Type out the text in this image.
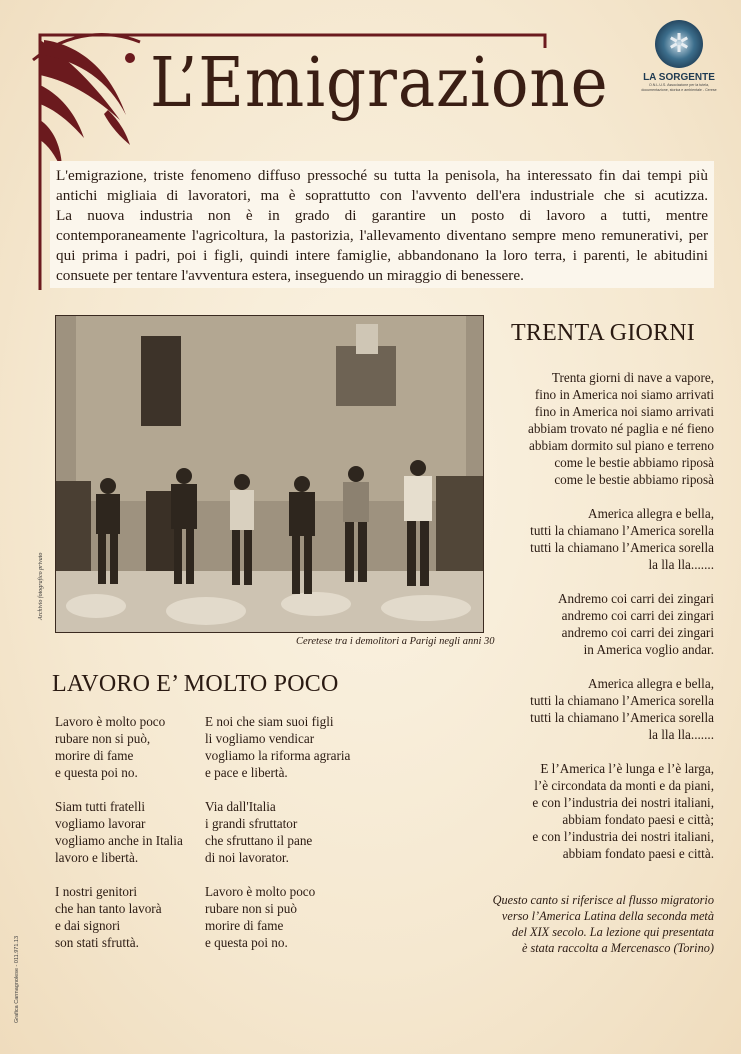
L’Emigrazione
✲	LA SORGENTE
O.N.L.U.S. Associazione per la tutela, documentazione, storica e ambientale - Cerese
L'emigrazione, triste fenomeno diffuso pressoché su tutta la penisola, ha interessato fin dai tempi più
antichi migliaia di lavoratori, ma è soprattutto con l'avvento dell'era industriale che si acutizza.
La nuova industria non è in grado di garantire un posto di lavoro a tutti, mentre
contemporaneamente l'agricoltura, la pastorizia, l'allevamento diventano sempre meno remunerativi, per
qui prima i padri, poi i figli, quindi intere famiglie, abbandonano la loro terra, i parenti, le abitudini
consuete per tentare l'avventura estera, inseguendo un miraggio di benessere.
Archivio fotografico privato
Ceretese tra i demolitori a Parigi negli anni 30
TRENTA GIORNI
Trenta giorni di nave a vapore,
fino in America noi siamo arrivati
fino in America noi siamo arrivati
abbiam trovato né paglia e né fieno
abbiam dormito sul piano e terreno
come le bestie abbiamo riposà
come le bestie abbiamo riposà
America allegra e bella,
tutti la chiamano l’America sorella
tutti la chiamano l’America sorella
la lla lla.......
Andremo coi carri dei zingari
andremo coi carri dei zingari
andremo coi carri dei zingari
in America voglio andar.
America allegra e bella,
tutti la chiamano l’America sorella
tutti la chiamano l’America sorella
la lla lla.......
E l’America l’è lunga e l’è larga,
l’è circondata da monti e da piani,
e con l’industria dei nostri italiani,
abbiam fondato paesi e città;
e con l’industria dei nostri italiani,
abbiam fondato paesi e città.
Questo canto si riferisce al flusso migratorio
verso l’America Latina della seconda metà
del XIX secolo. La lezione qui presentata
è stata raccolta a Mercenasco (Torino)
LAVORO E’ MOLTO POCO
Lavoro è molto poco
rubare non si può,
morire di fame
e questa poi no.
Siam tutti fratelli
vogliamo lavorar
vogliamo anche in Italia
lavoro e libertà.
I nostri genitori
che han tanto lavorà
e dai signori
son stati sfruttà.
E noi che siam suoi figli
li vogliamo vendicar
vogliamo la riforma agraria
e pace e libertà.
Via dall'Italia
i grandi sfruttator
che sfruttano il pane
di noi lavorator.
Lavoro è molto poco
rubare non si può
morire di fame
e questa poi no.
Grafica Carmagnolese - 011.971.13
